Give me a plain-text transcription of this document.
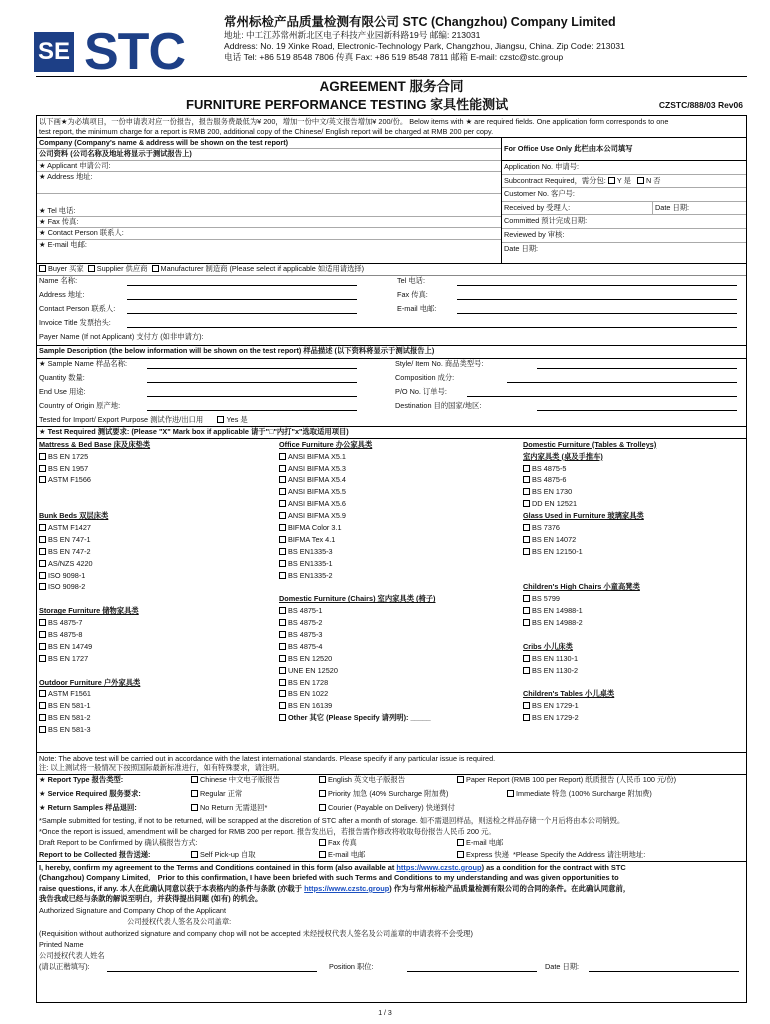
SE STC
常州标检产品质量检测有限公司 STC (Changzhou) Company Limited
地址: 中工江苏常州新北区电子科技产业园新科路19号 邮编: 213031
Address: No. 19 Xinke Road, Electronic-Technology Park, Changzhou, Jiangsu, China. Zip Code: 213031
电话 Tel: +86 519 8548 7806 传真 Fax: +86 519 8548 7811 邮箱 E-mail: czstc@stc.group
AGREEMENT 服务合同
FURNITURE PERFORMANCE TESTING 家具性能测试	CZSTC/888/03 Rev06
以下画★为必填项目，一份申请表对应一份报告，报告服务费最低为¥ 200，增加一份中文/英文报告增加¥ 200/份。 Below items with ★ are required fields. One application form corresponds to one
test report, the minimum charge for a report is RMB 200, additional copy of the Chinese/ English report will be charged at RMB 200 per copy.
Company (Company's name & address will be shown on the test report)
公司资料 (公司名称及地址将显示于测试报告上)
★ Applicant 申请公司:
★ Address 地址:
★ Tel 电话:
★ Fax 传真:
★ Contact Person 联系人:
★ E-mail 电邮:
For Office Use Only 此栏由本公司填写
Application No. 申请号:
Subcontract Required，需分包: Y 是 N 否
Customer No. 客户号:
Received by 受理人:	Date 日期:
Committed 预计完成日期:
Reviewed by 审核:
Date 日期:
Buyer 买家 Supplier 供应商 Manufacturer 制造商 (Please select if applicable 如适用请选择)
Name 名称:	Tel 电话:
Address 地址:	Fax 传真:
Contact Person 联系人:	E-mail 电邮:
Invoice Title 发票抬头:
Payer Name (If not Applicant) 支付方 (如非申请方):
Sample Description (the below information will be shown on the test report) 样品描述 (以下资料将显示于测试报告上)
★ Sample Name 样品名称:	Style/ Item No. 商品类型号:
Quantity 数量:	Composition 成分:
End Use 用途:	P/O No. 订单号:
Country of Origin 原产地:	Destination 目的国家/地区:
Tested for Import/ Export Purpose 测试作进/出口用	Yes 是
★ Test Required 测试要求: (Please "X" Mark box if applicable 请于"□"内打"x"选取适用项目)
Mattress & Bed Base 床及床垫类
BS EN 1725
BS EN 1957
ASTM F1566
Bunk Beds 双层床类
ASTM F1427
BS EN 747-1
BS EN 747-2
AS/NZS 4220
ISO 9098-1
ISO 9098-2
Storage Furniture 储物家具类
BS 4875-7
BS 4875-8
BS EN 14749
BS EN 1727
Outdoor Furniture 户外家具类
ASTM F1561
BS EN 581-1
BS EN 581-2
BS EN 581-3
Office Furniture 办公家具类
ANSI BIFMA X5.1
ANSI BIFMA X5.3
ANSI BIFMA X5.4
ANSI BIFMA X5.5
ANSI BIFMA X5.6
ANSI BIFMA X5.9
BIFMA Color 3.1
BIFMA Tex 4.1
BS EN1335-3
BS EN1335-1
BS EN1335-2
Domestic Furniture (Chairs) 室内家具类 (椅子)
BS 4875-1
BS 4875-2
BS 4875-3
BS 4875-4
BS EN 12520
UNE EN 12520
BS EN 1728
BS EN 1022
BS EN 16139
Other 其它 (Please Specify 请列明): _____
Domestic Furniture (Tables & Trolleys)
室内家具类 (桌及手推车)
BS 4875-5
BS 4875-6
BS EN 1730
DD EN 12521
Glass Used in Furniture 玻璃家具类
BS 7376
BS EN 14072
BS EN 12150-1
Children's High Chairs 小童高凳类
BS 5799
BS EN 14988-1
BS EN 14988-2
Cribs 小儿床类
BS EN 1130-1
BS EN 1130-2
Children's Tables 小儿桌类
BS EN 1729-1
BS EN 1729-2
Note: The above test will be carried out in accordance with the latest international standards. Please specify if any particular issue is required.
注: 以上测试将一般情况下按照国际最新标准进行，如有特殊要求，请注明。
★ Report Type 报告类型:	Chinese 中文电子版报告	English 英文电子版报告	Paper Report (RMB 100 per Report) 纸质报告 (人民币 100 元/份)
★ Service Required 服务要求:	Regular 正常	Priority 加急 (40% Surcharge 附加费)	Immediate 特急 (100% Surcharge 附加费)
★ Return Samples 样品退回:	No Return 无需退回*	Courier (Payable on Delivery) 快递到付
*Sample submitted for testing, if not to be returned, will be scrapped at the discretion of STC after a month of storage. 如不需退回样品，则送检之样品存储一个月后将由本公司销毁。
*Once the report is issued, amendment will be charged for RMB 200 per report. 报告发出后，若报告需作修改将收取每份报告人民币 200 元。
Draft Report to be Confirmed by 确认稿报告方式:	Fax 传真	E-mail 电邮
Report to be Collected 报告送递:	Self Pick-up 自取	E-mail 电邮	Express 快递 *Please Specify the Address 请注明地址:
I, hereby, confirm my agreement to the Terms and Conditions contained in this form (also available at https://www.czstc.group) as a condition for the contract with STC
(Changzhou) Company Limited． Prior to this confirmation, I have been briefed with such Terms and Conditions to my understanding and was given opportunities to
raise questions, if any. 本人在此确认同意以获于本表格内的条件与条款 (亦载于 https://www.czstc.group) 作为与常州标检产品质量检测有限公司的合同的条件。在此确认同意前，
我告我或已经与条款的解说至明白，并获得提出问题 (如有) 的机会。
Authorized Signature and Company Chop of the Applicant
公司授权代表人签名及公司盖章:
(Requisition without authorized signature and company chop will not be accepted 未经授权代表人签名及公司盖章的申请表将不会受理)
Printed Name
公司授权代表人姓名
(请以正楷填写):	Position 职位:	Date 日期:
1 / 3
